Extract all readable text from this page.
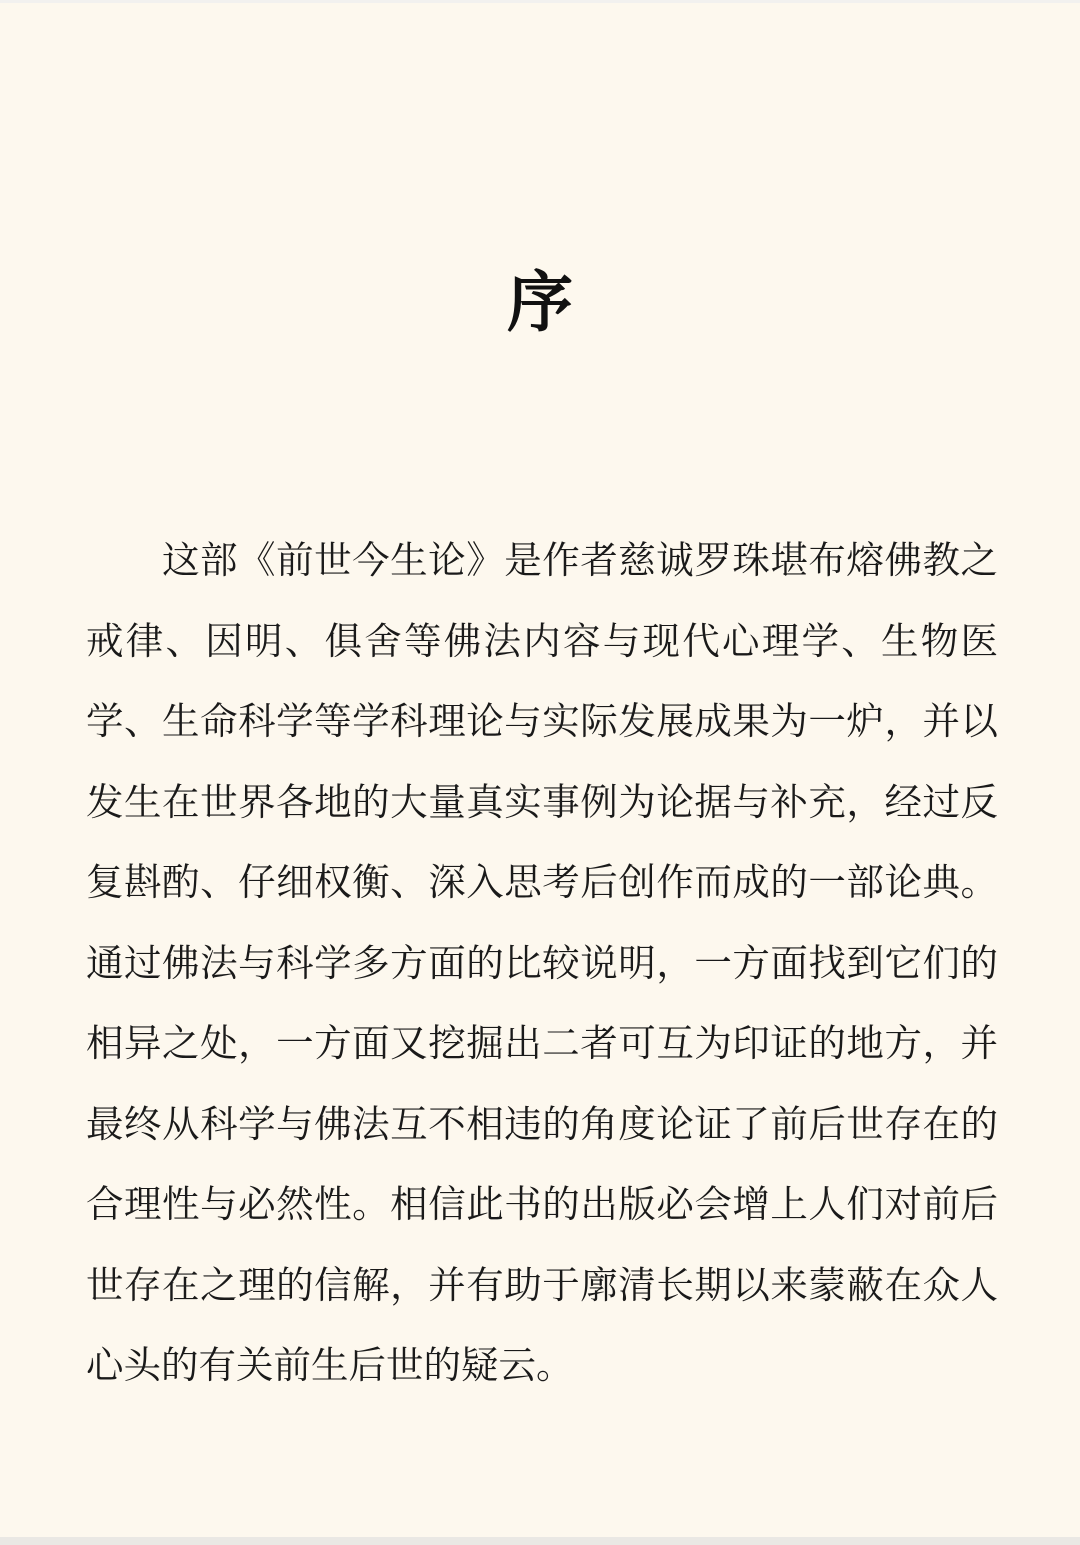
序

这部《前世今生论》是作者慈诚罗珠堪布熔佛教之戒律、因明、俱舍等佛法内容与现代心理学、生物医学、生命科学等学科理论与实际发展成果为一炉，并以发生在世界各地的大量真实事例为论据与补充，经过反复斟酌、仔细权衡、深入思考后创作而成的一部论典。通过佛法与科学多方面的比较说明，一方面找到它们的相异之处，一方面又挖掘出二者可互为印证的地方，并最终从科学与佛法互不相违的角度论证了前后世存在的合理性与必然性。相信此书的出版必会增上人们对前后世存在之理的信解，并有助于廓清长期以来蒙蔽在众人心头的有关前生后世的疑云。
